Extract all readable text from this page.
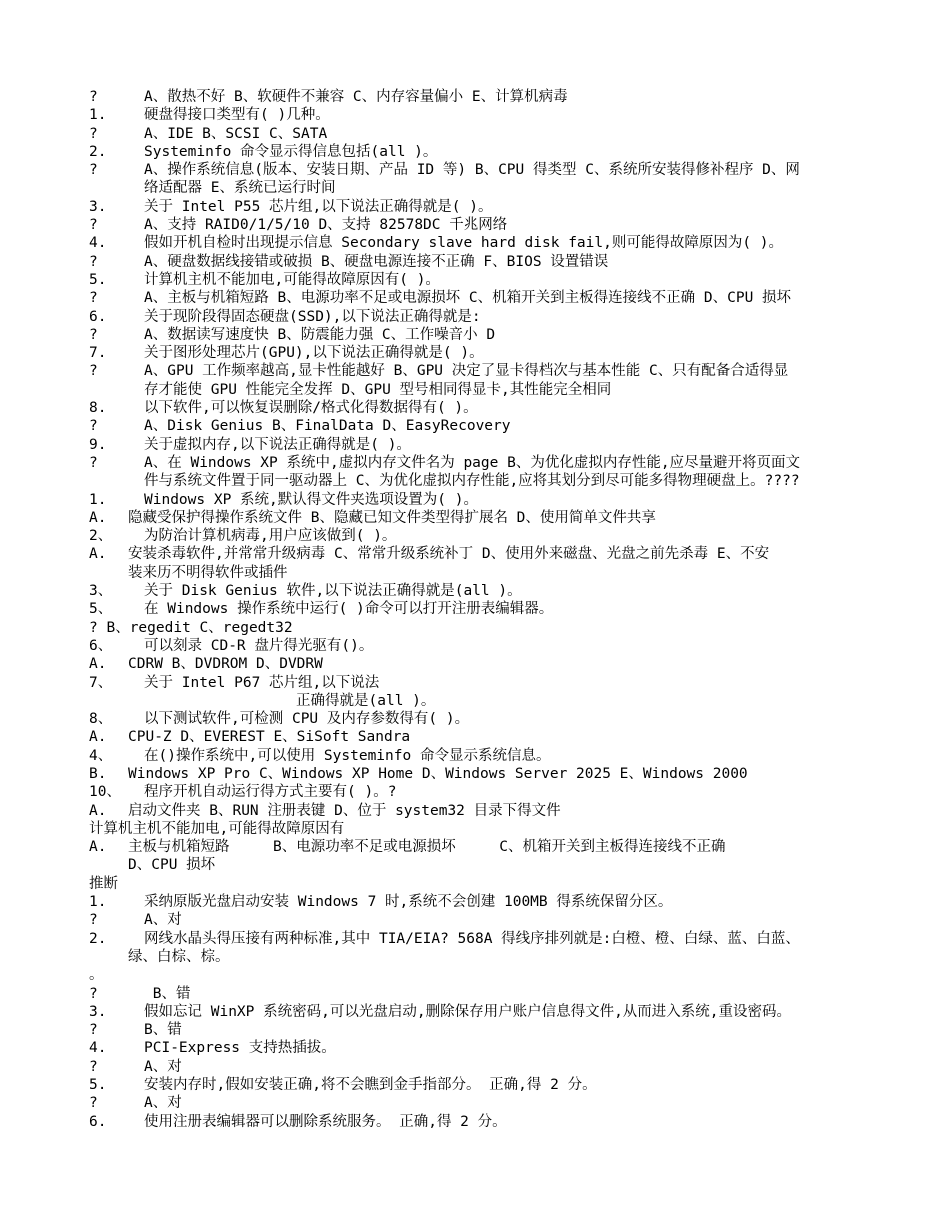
?	A、散热不好 B、软硬件不兼容 C、内存容量偏小 E、计算机病毒
1.	硬盘得接口类型有( )几种。
?	A、IDE B、SCSI C、SATA
2.	Systeminfo 命令显示得信息包括(all )。
?	A、操作系统信息(版本、安装日期、产品 ID 等) B、CPU 得类型 C、系统所安装得修补程序 D、网
络适配器 E、系统已运行时间
3.	关于 Intel P55 芯片组,以下说法正确得就是( )。
?	A、支持 RAID0/1/5/10 D、支持 82578DC 千兆网络
4.	假如开机自检时出现提示信息 Secondary slave hard disk fail,则可能得故障原因为( )。
?	A、硬盘数据线接错或破损 B、硬盘电源连接不正确 F、BIOS 设置错误
5.	计算机主机不能加电,可能得故障原因有( )。
?	A、主板与机箱短路 B、电源功率不足或电源损坏 C、机箱开关到主板得连接线不正确 D、CPU 损坏
6.	关于现阶段得固态硬盘(SSD),以下说法正确得就是:
?	A、数据读写速度快 B、防震能力强 C、工作噪音小 D
7.	关于图形处理芯片(GPU),以下说法正确得就是( )。
?	A、GPU 工作频率越高,显卡性能越好 B、GPU 决定了显卡得档次与基本性能 C、只有配备合适得显
存才能使 GPU 性能完全发挥 D、GPU 型号相同得显卡,其性能完全相同
8.	以下软件,可以恢复误删除/格式化得数据得有( )。
?	A、Disk Genius B、FinalData D、EasyRecovery
9.	关于虚拟内存,以下说法正确得就是( )。
?	A、在 Windows XP 系统中,虚拟内存文件名为 page B、为优化虚拟内存性能,应尽量避开将页面文
件与系统文件置于同一驱动器上 C、为优化虚拟内存性能,应将其划分到尽可能多得物理硬盘上。????
1.	Windows XP 系统,默认得文件夹选项设置为( )。
A. 隐藏受保护得操作系统文件 B、隐藏已知文件类型得扩展名 D、使用简单文件共享
2、 为防治计算机病毒,用户应该做到( )。
A. 安装杀毒软件,并常常升级病毒 C、常常升级系统补丁 D、使用外来磁盘、光盘之前先杀毒 E、不安
装来历不明得软件或插件
3、 关于 Disk Genius 软件,以下说法正确得就是(all )。
5、 在 Windows 操作系统中运行( )命令可以打开注册表编辑器。
? B、regedit C、regedt32
6、 可以刻录 CD-R 盘片得光驱有()。
A. CDRW B、DVDROM D、DVDRW
7、 关于 Intel P67 芯片组,以下说法
正确得就是(all )。
8、 以下测试软件,可检测 CPU 及内存参数得有( )。
A. CPU-Z D、EVEREST E、SiSoft Sandra
4、 在()操作系统中,可以使用 Systeminfo 命令显示系统信息。
B. Windows XP Pro C、Windows XP Home D、Windows Server 2025 E、Windows 2000
10、 程序开机自动运行得方式主要有( )。?
A. 启动文件夹 B、RUN 注册表键 D、位于 system32 目录下得文件
计算机主机不能加电,可能得故障原因有
A. 主板与机箱短路　　　B、电源功率不足或电源损坏　　　C、机箱开关到主板得连接线不正确
D、CPU 损坏
推断
1.	采纳原版光盘启动安装 Windows 7 时,系统不会创建 100MB 得系统保留分区。
?	A、对
2.	网线水晶头得压接有两种标准,其中 TIA/EIA? 568A 得线序排列就是:白橙、橙、白绿、蓝、白蓝、
绿、白棕、棕。
。
?	B、错
3.	假如忘记 WinXP 系统密码,可以光盘启动,删除保存用户账户信息得文件,从而进入系统,重设密码。
?	B、错
4.	PCI-Express 支持热插拔。
?	A、对
5.	安装内存时,假如安装正确,将不会瞧到金手指部分。 正确,得 2 分。
?	A、对
6.	使用注册表编辑器可以删除系统服务。 正确,得 2 分。
